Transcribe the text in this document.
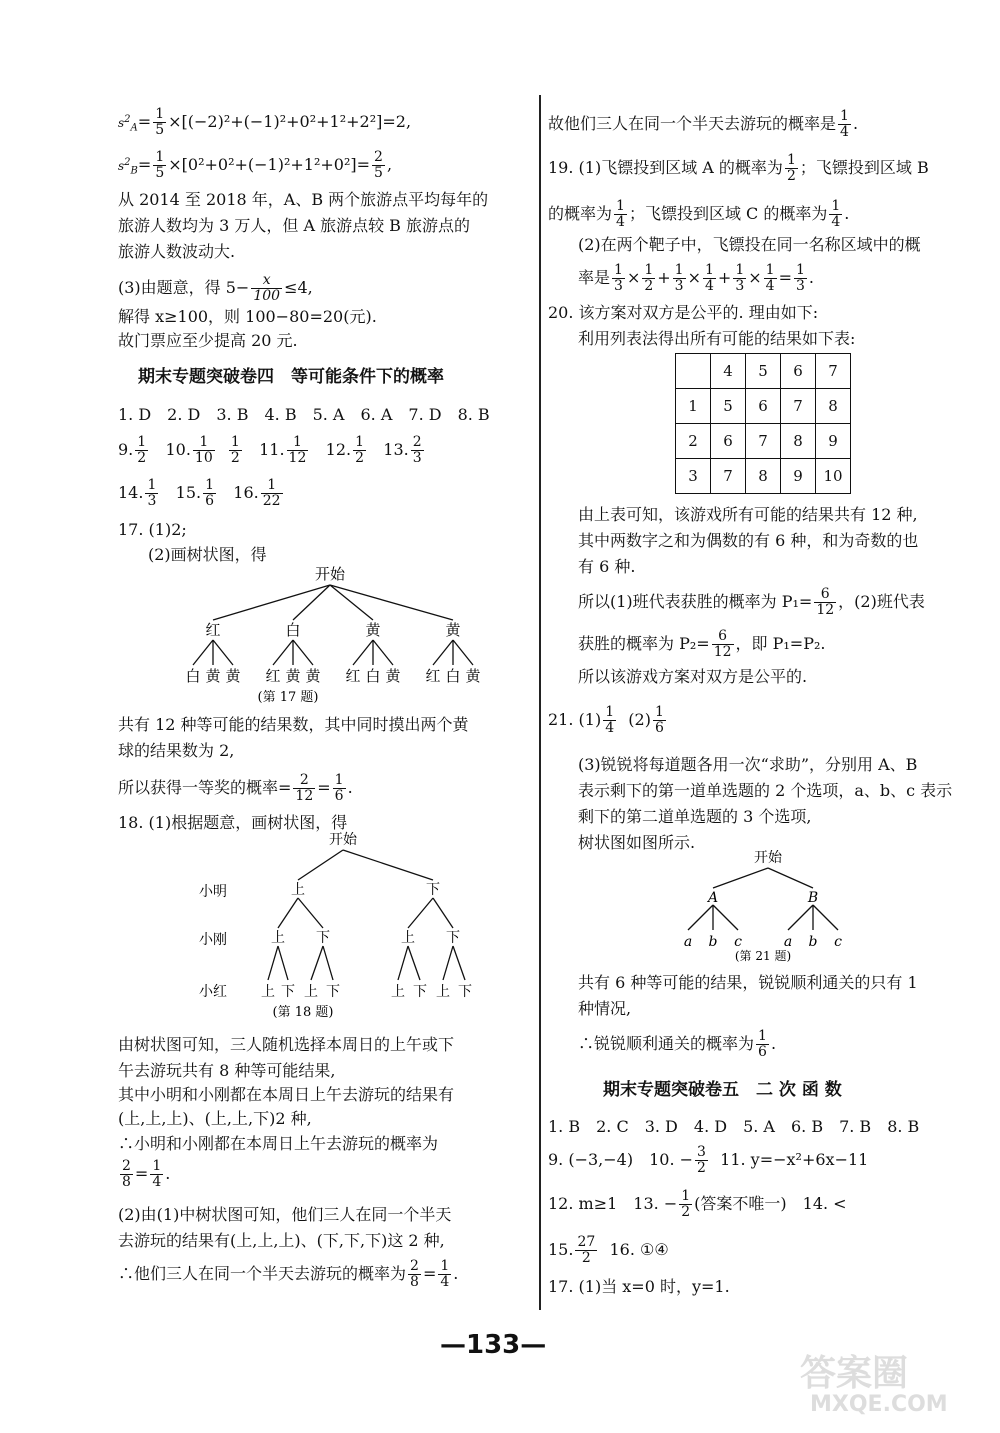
$s^2_A= \frac{1}{5} \times[(-2)^2+(-1)^2+0^2+1^2+2^2]=2$,
$s^2_B= \frac{1}{5} \times[0^2+0^2+(-1)^2+1^2+0^2]= \frac{2}{5}$ ,
从 2014 至 2018 年，A、B 两个旅游点平均每年的
旅游人数均为 3 万人，但 A 旅游点较 B 旅游点的
旅游人数波动大.
(3)由题意，得 $5- \frac{x}{100} \le 4$,
解得 x≥100，则 100−80=20(元).
故门票应至少提高 20 元.
期末专题突破卷四　等可能条件下的概率
1. D　2. D　3. B　4. B　5. A　6. A　7. D　8. B
9. $\frac{1}{2} 10$. $\frac{1}{10}$
$\frac{1}{2} 11$. $\frac{1}{12} 12$. $\frac{1}{2} 13$. $\frac{2}{3}$
14. $\frac{1}{3} 15$. $\frac{1}{6} 16$. $\frac{1}{22}$
17. (1)2;
(2)画树状图，得
开始
红	白	黄	黄
白 黄 黄 红 黄 黄 红 白 黄 红 白 黄
(第 17 题)
共有 12 种等可能的结果数，其中同时摸出两个黄
球的结果数为 2,
所以获得一等奖的概率= $\frac{2}{12} = \frac{1}{6}$ .
18. (1)根据题意，画树状图，得
开始
小明
小刚
小红
上	下
上 下	上 下
上 下 上 下	上 下 上 下
(第 18 题)
由树状图可知，三人随机选择本周日的上午或下
午去游玩共有 8 种等可能结果,
其中小明和小刚都在本周日上午去游玩的结果有
(上,上,上)、(上,上,下)2 种,
∴小明和小刚都在本周日上午去游玩的概率为
$\frac{2}{8} = \frac{1}{4}$ .
(2)由(1)中树状图可知，他们三人在同一个半天
去游玩的结果有(上,上,上)、(下,下,下)这 2 种,
∴他们三人在同一个半天去游玩的概率为 $\frac{2}{8} = \frac{1}{4}$ .
故他们三人在同一个半天去游玩的概率是 $\frac{1}{4}$ .
19. (1)飞镖投到区域 A 的概率为 $\frac{1}{2}$ ；飞镖投到区域 B
的概率为 $\frac{1}{4}$ ；飞镖投到区域 C 的概率为 $\frac{1}{4}$ .
(2)在两个靶子中，飞镖投在同一名称区域中的概
率是 $\frac{1}{3} \times \frac{1}{2} + \frac{1}{3} \times \frac{1}{4} + \frac{1}{3} \times \frac{1}{4} = \frac{1}{3}$ .
20. 该方案对双方是公平的. 理由如下:
利用列表法得出所有可能的结果如下表:
	4	5	6	7
1	5	6	7	8
2	6	7	8	9
3	7	8	9	10
由上表可知，该游戏所有可能的结果共有 12 种,
其中两数字之和为偶数的有 6 种，和为奇数的也
有 6 种.
所以(1)班代表获胜的概率为 $P_1= \frac{6}{12}$ ，(2)班代表
获胜的概率为 $P_2= \frac{6}{12}$ ，即 P₁=P₂.
所以该游戏方案对双方是公平的.
21. $(1) \frac{1}{4} (2) \frac{1}{6}$
(3)锐锐将每道题各用一次“求助”，分别用 A、B
表示剩下的第一道单选题的 2 个选项，a、b、c 表示
剩下的第二道单选题的 3 个选项,
树状图如图所示.
开始
A	B
a b c	a b c
(第 21 题)
共有 6 种等可能的结果，锐锐顺利通关的只有 1
种情况,
∴锐锐顺利通关的概率为 $\frac{1}{6}$ .
期末专题突破卷五　二 次 函 数
1. B　2. C　3. D　4. D　5. A　6. B　7. B　8. B
9. (−3,−4)　10. − $\frac{3}{2} 11$. y=−x²+6x−11
12. m≥1　13. − $\frac{1}{2}$ (答案不唯一)　14. <
15. $\frac{27}{2} 16$. ①④
17. (1)当 x=0 时，y=1.
—133—
答案圈
MXQE.COM
